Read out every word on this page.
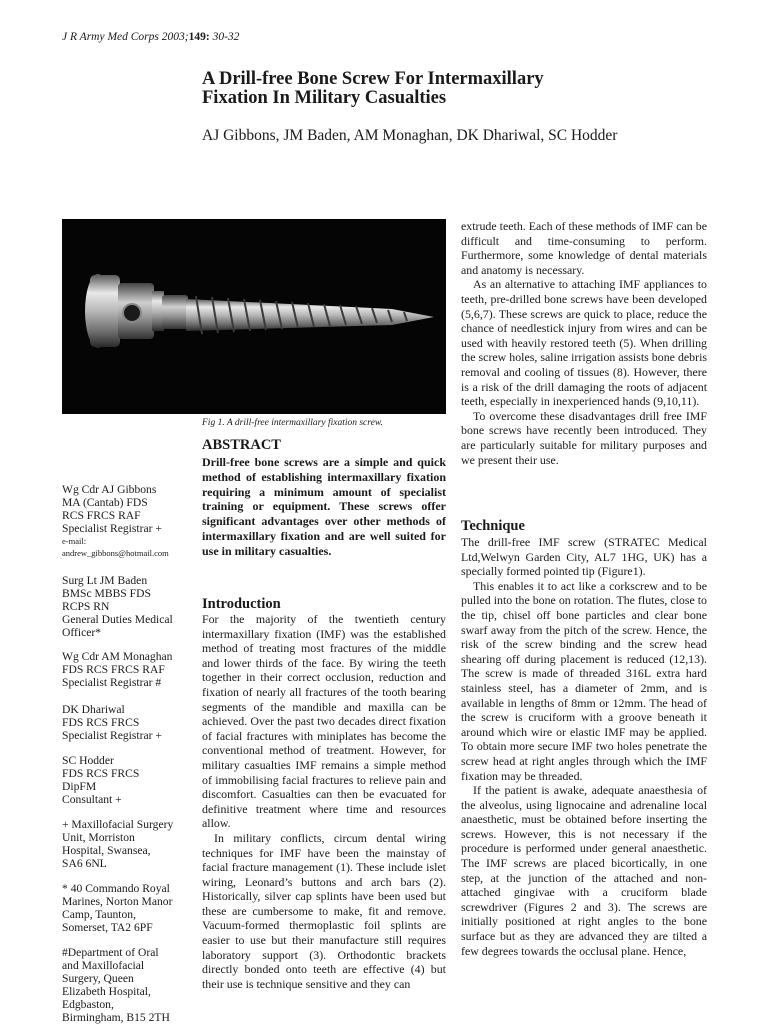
J R Army Med Corps 2003;149: 30-32
A Drill-free Bone Screw For Intermaxillary
Fixation In Military Casualties
AJ Gibbons, JM Baden, AM Monaghan, DK Dhariwal, SC Hodder
Fig 1. A drill-free intermaxillary fixation screw.
ABSTRACT
Drill-free bone screws are a simple and quick method of establishing intermaxillary fixation requiring a minimum amount of specialist training or equipment. These screws offer significant advantages over other methods of intermaxillary fixation and are well suited for use in military casualties.
Introduction

For the majority of the twentieth century intermaxillary fixation (IMF) was the established method of treating most fractures of the middle and lower thirds of the face. By wiring the teeth together in their correct occlusion, reduction and fixation of nearly all fractures of the tooth bearing segments of the mandible and maxilla can be achieved. Over the past two decades direct fixation of facial fractures with miniplates has become the conventional method of treatment. However, for military casualties IMF remains a simple method of immobilising facial fractures to relieve pain and discomfort. Casualties can then be evacuated for definitive treatment where time and resources allow.

In military conflicts, circum dental wiring techniques for IMF have been the mainstay of facial fracture management (1). These include islet wiring, Leonard’s buttons and arch bars (2). Historically, silver cap splints have been used but these are cumbersome to make, fit and remove. Vacuum-formed thermoplastic foil splints are easier to use but their manufacture still requires laboratory support (3). Orthodontic brackets directly bonded onto teeth are effective (4) but their use is technique sensitive and they can

extrude teeth. Each of these methods of IMF can be difficult and time-consuming to perform. Furthermore, some knowledge of dental materials and anatomy is necessary.

As an alternative to attaching IMF appliances to teeth, pre-drilled bone screws have been developed (5,6,7). These screws are quick to place, reduce the chance of needlestick injury from wires and can be used with heavily restored teeth (5). When drilling the screw holes, saline irrigation assists bone debris removal and cooling of tissues (8). However, there is a risk of the drill damaging the roots of adjacent teeth, especially in inexperienced hands (9,10,11).

To overcome these disadvantages drill free IMF bone screws have recently been introduced. They are particularly suitable for military purposes and we present their use.

Technique

The drill-free IMF screw (STRATEC Medical Ltd,Welwyn Garden City, AL7 1HG, UK) has a specially formed pointed tip (Figure1).

This enables it to act like a corkscrew and to be pulled into the bone on rotation. The flutes, close to the tip, chisel off bone particles and clear bone swarf away from the pitch of the screw. Hence, the risk of the screw binding and the screw head shearing off during placement is reduced (12,13). The screw is made of threaded 316L extra hard stainless steel, has a diameter of 2mm, and is available in lengths of 8mm or 12mm. The head of the screw is cruciform with a groove beneath it around which wire or elastic IMF may be applied. To obtain more secure IMF two holes penetrate the screw head at right angles through which the IMF fixation may be threaded.

If the patient is awake, adequate anaesthesia of the alveolus, using lignocaine and adrenaline local anaesthetic, must be obtained before inserting the screws. However, this is not necessary if the procedure is performed under general anaesthetic. The IMF screws are placed bicortically, in one step, at the junction of the attached and non-attached gingivae with a cruciform blade screwdriver (Figures 2 and 3). The screws are initially positioned at right angles to the bone surface but as they are advanced they are tilted a few degrees towards the occlusal plane. Hence,

Wg Cdr AJ Gibbons
MA (Cantab) FDS
RCS FRCS RAF
Specialist Registrar +
e-mail:
andrew_gibbons@hotmail.com
Surg Lt JM Baden
BMSc MBBS FDS
RCPS RN
General Duties Medical
Officer*
Wg Cdr AM Monaghan
FDS RCS FRCS RAF
Specialist Registrar #
DK Dhariwal
FDS RCS FRCS
Specialist Registrar +
SC Hodder
FDS RCS FRCS
DipFM
Consultant +
+ Maxillofacial Surgery
Unit, Morriston
Hospital, Swansea,
SA6 6NL
* 40 Commando Royal
Marines, Norton Manor
Camp, Taunton,
Somerset, TA2 6PF
#Department of Oral
and Maxillofacial
Surgery, Queen
Elizabeth Hospital,
Edgbaston,
Birmingham, B15 2TH
